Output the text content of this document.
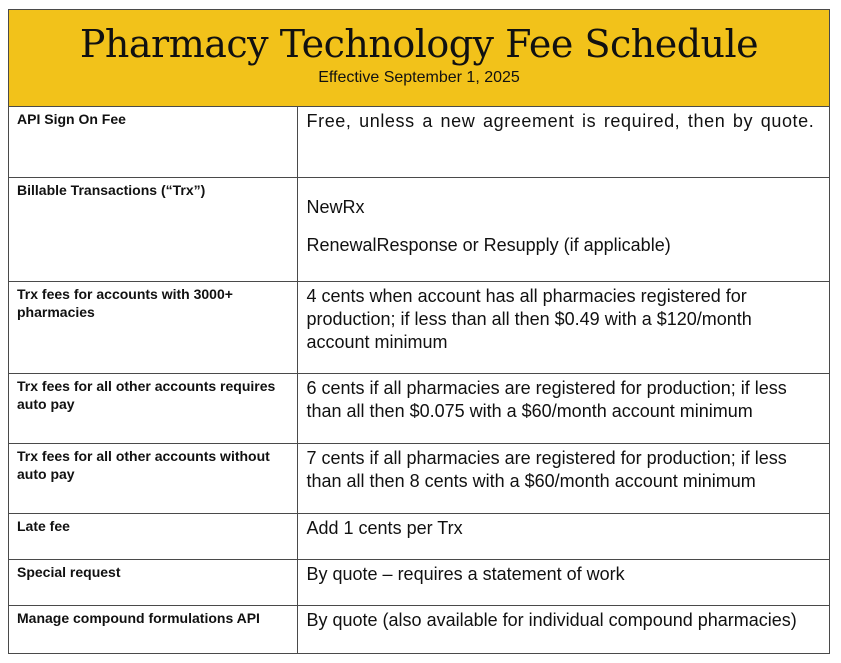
Pharmacy Technology Fee Schedule
Effective September 1, 2025
API Sign On Fee	Free, unless a new agreement is required, then by quote.

Billable Transactions (“Trx”)	NewRx
RenewalResponse or Resupply (if applicable)

Trx fees for accounts with 3000+ pharmacies	4 cents when account has all pharmacies registered for production; if less than all then $0.49 with a $120/month account minimum

Trx fees for all other accounts requires auto pay	6 cents if all pharmacies are registered for production; if less than all then $0.075 with a $60/month account minimum

Trx fees for all other accounts without auto pay	7 cents if all pharmacies are registered for production; if less than all then 8 cents with a $60/month account minimum

Late fee	Add 1 cents per Trx

Special request	By quote – requires a statement of work

Manage compound formulations API	By quote (also available for individual compound pharmacies)
